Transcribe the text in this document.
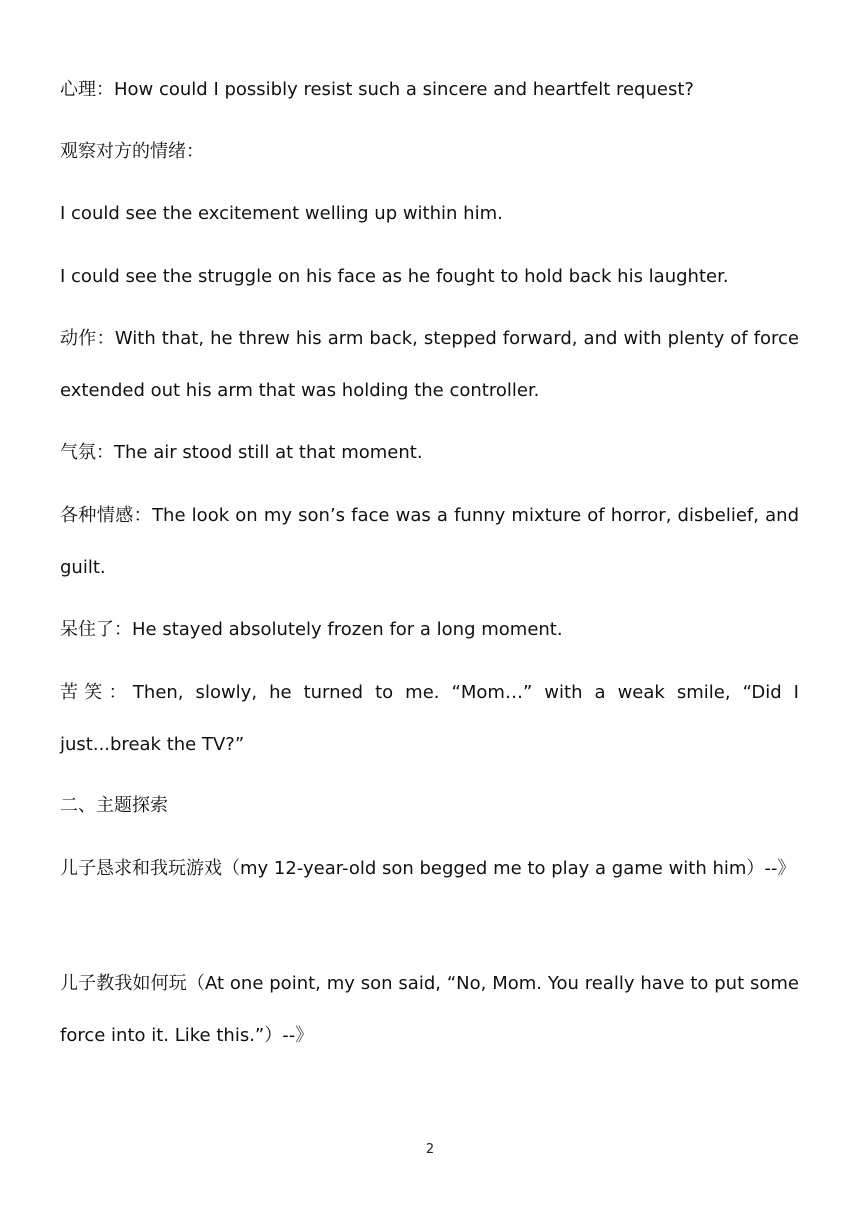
心理：How could I possibly resist such a sincere and heartfelt request?

观察对方的情绪：

I could see the excitement welling up within him.

I could see the struggle on his face as he fought to hold back his laughter.

动作：With that, he threw his arm back, stepped forward, and with plenty of force extended out his arm that was holding the controller.

气氛：The air stood still at that moment.

各种情感：The look on my son’s face was a funny mixture of horror, disbelief, and guilt.

呆住了：He stayed absolutely frozen for a long moment.

苦笑：Then, slowly, he turned to me. “Mom…” with a weak smile, “Did I just...break the TV?”

二、主题探索

儿子恳求和我玩游戏（my 12-year-old son begged me to play a game with him）--》

儿子教我如何玩（At one point, my son said, “No, Mom. You really have to put some force into it. Like this.”）--》

2
